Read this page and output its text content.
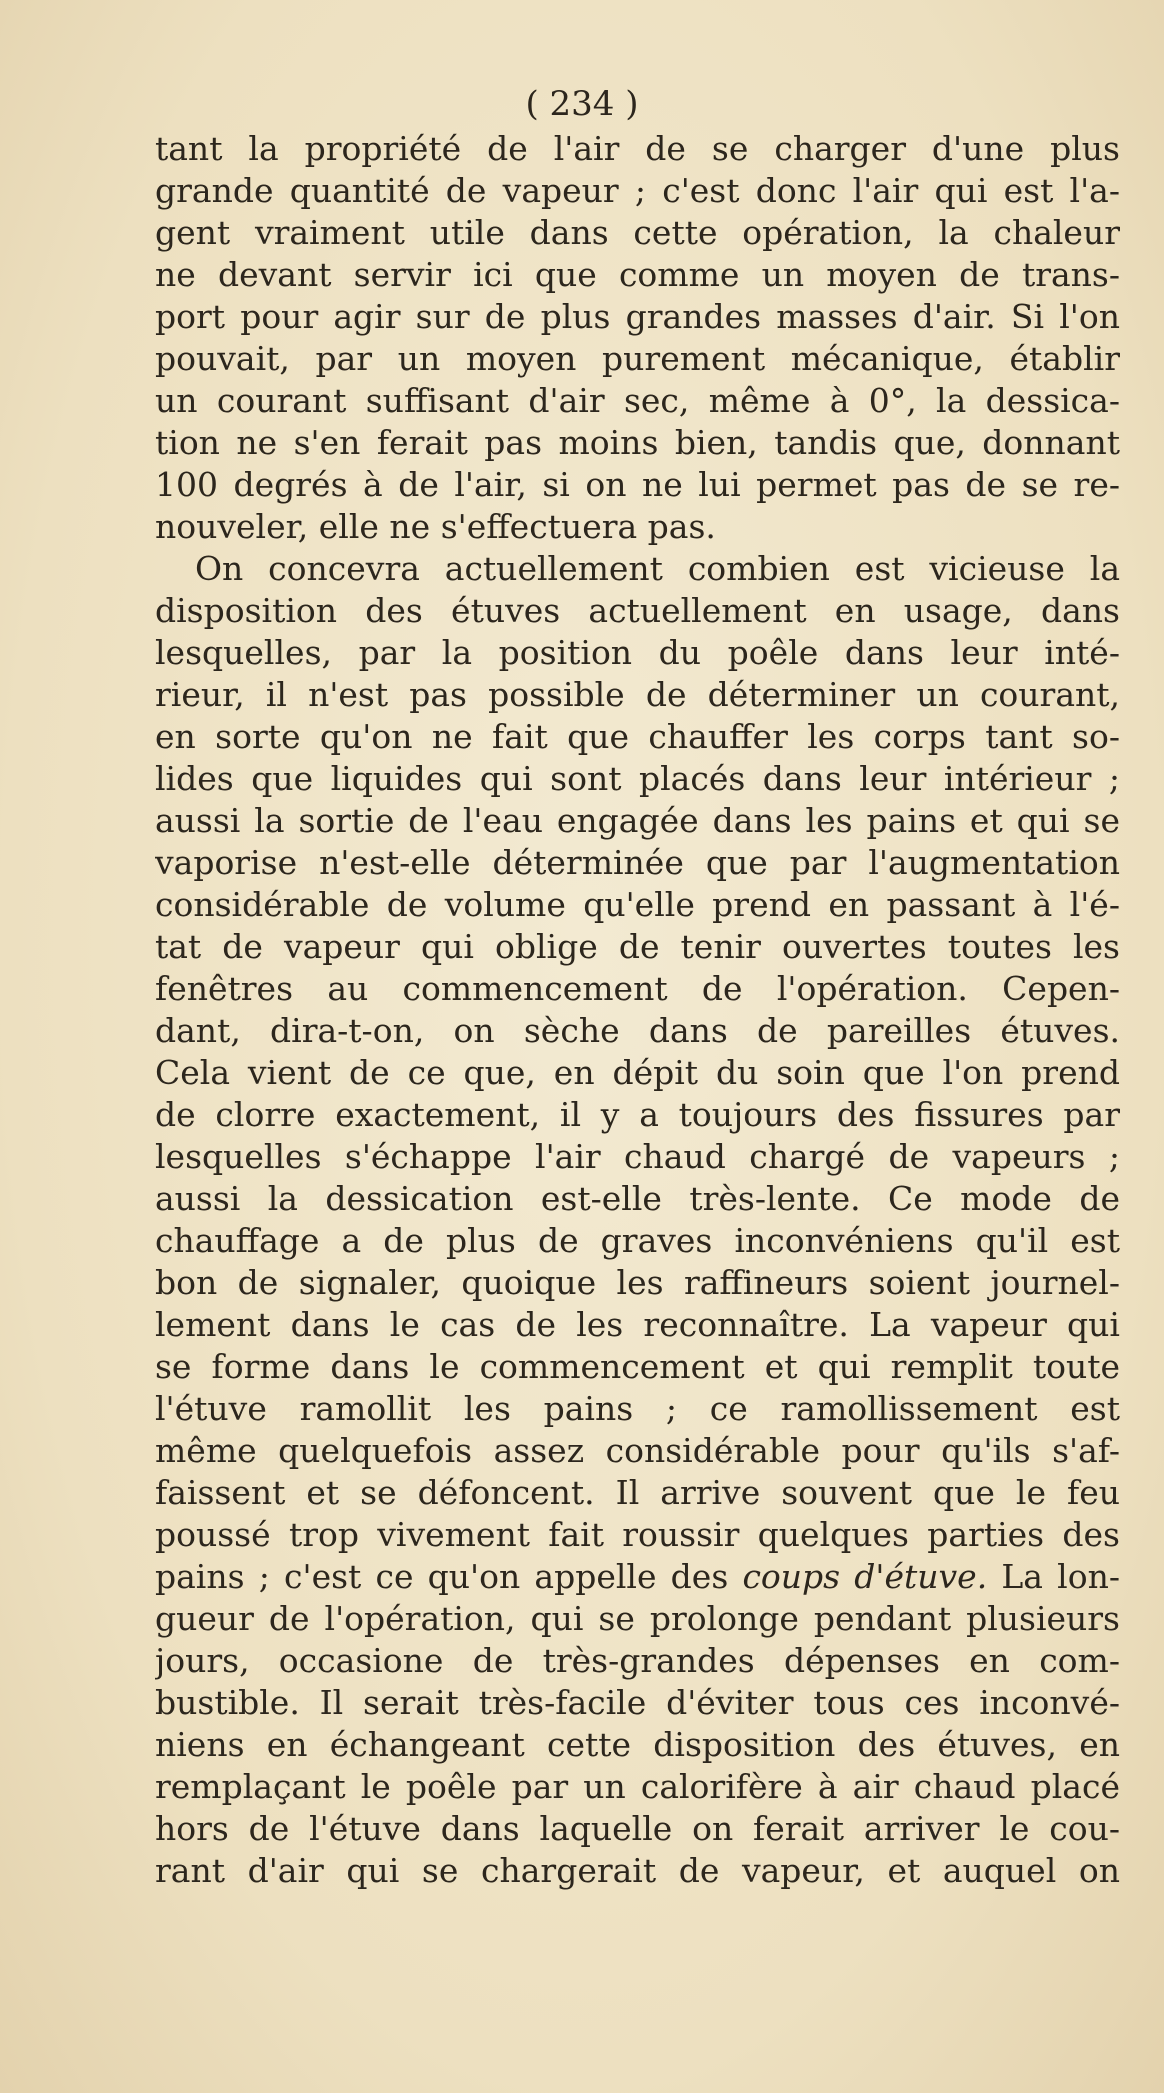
( 234 )
tant la propriété de l'air de se charger d'une plus
grande quantité de vapeur ; c'est donc l'air qui est l'a-
gent vraiment utile dans cette opération, la chaleur
ne devant servir ici que comme un moyen de trans-
port pour agir sur de plus grandes masses d'air. Si l'on
pouvait, par un moyen purement mécanique, établir
un courant suffisant d'air sec, même à 0°, la dessica-
tion ne s'en ferait pas moins bien, tandis que, donnant
100 degrés à de l'air, si on ne lui permet pas de se re-
nouveler, elle ne s'effectuera pas.
On concevra actuellement combien est vicieuse la
disposition des étuves actuellement en usage, dans
lesquelles, par la position du poêle dans leur inté-
rieur, il n'est pas possible de déterminer un courant,
en sorte qu'on ne fait que chauffer les corps tant so-
lides que liquides qui sont placés dans leur intérieur ;
aussi la sortie de l'eau engagée dans les pains et qui se
vaporise n'est-elle déterminée que par l'augmentation
considérable de volume qu'elle prend en passant à l'é-
tat de vapeur qui oblige de tenir ouvertes toutes les
fenêtres au commencement de l'opération. Cepen-
dant, dira-t-on, on sèche dans de pareilles étuves.
Cela vient de ce que, en dépit du soin que l'on prend
de clorre exactement, il y a toujours des fissures par
lesquelles s'échappe l'air chaud chargé de vapeurs ;
aussi la dessication est-elle très-lente. Ce mode de
chauffage a de plus de graves inconvéniens qu'il est
bon de signaler, quoique les raffineurs soient journel-
lement dans le cas de les reconnaître. La vapeur qui
se forme dans le commencement et qui remplit toute
l'étuve ramollit les pains ; ce ramollissement est
même quelquefois assez considérable pour qu'ils s'af-
faissent et se défoncent. Il arrive souvent que le feu
poussé trop vivement fait roussir quelques parties des
pains ; c'est ce qu'on appelle des coups d'étuve. La lon-
gueur de l'opération, qui se prolonge pendant plusieurs
jours, occasione de très-grandes dépenses en com-
bustible. Il serait très-facile d'éviter tous ces inconvé-
niens en échangeant cette disposition des étuves, en
remplaçant le poêle par un calorifère à air chaud placé
hors de l'étuve dans laquelle on ferait arriver le cou-
rant d'air qui se chargerait de vapeur, et auquel on
